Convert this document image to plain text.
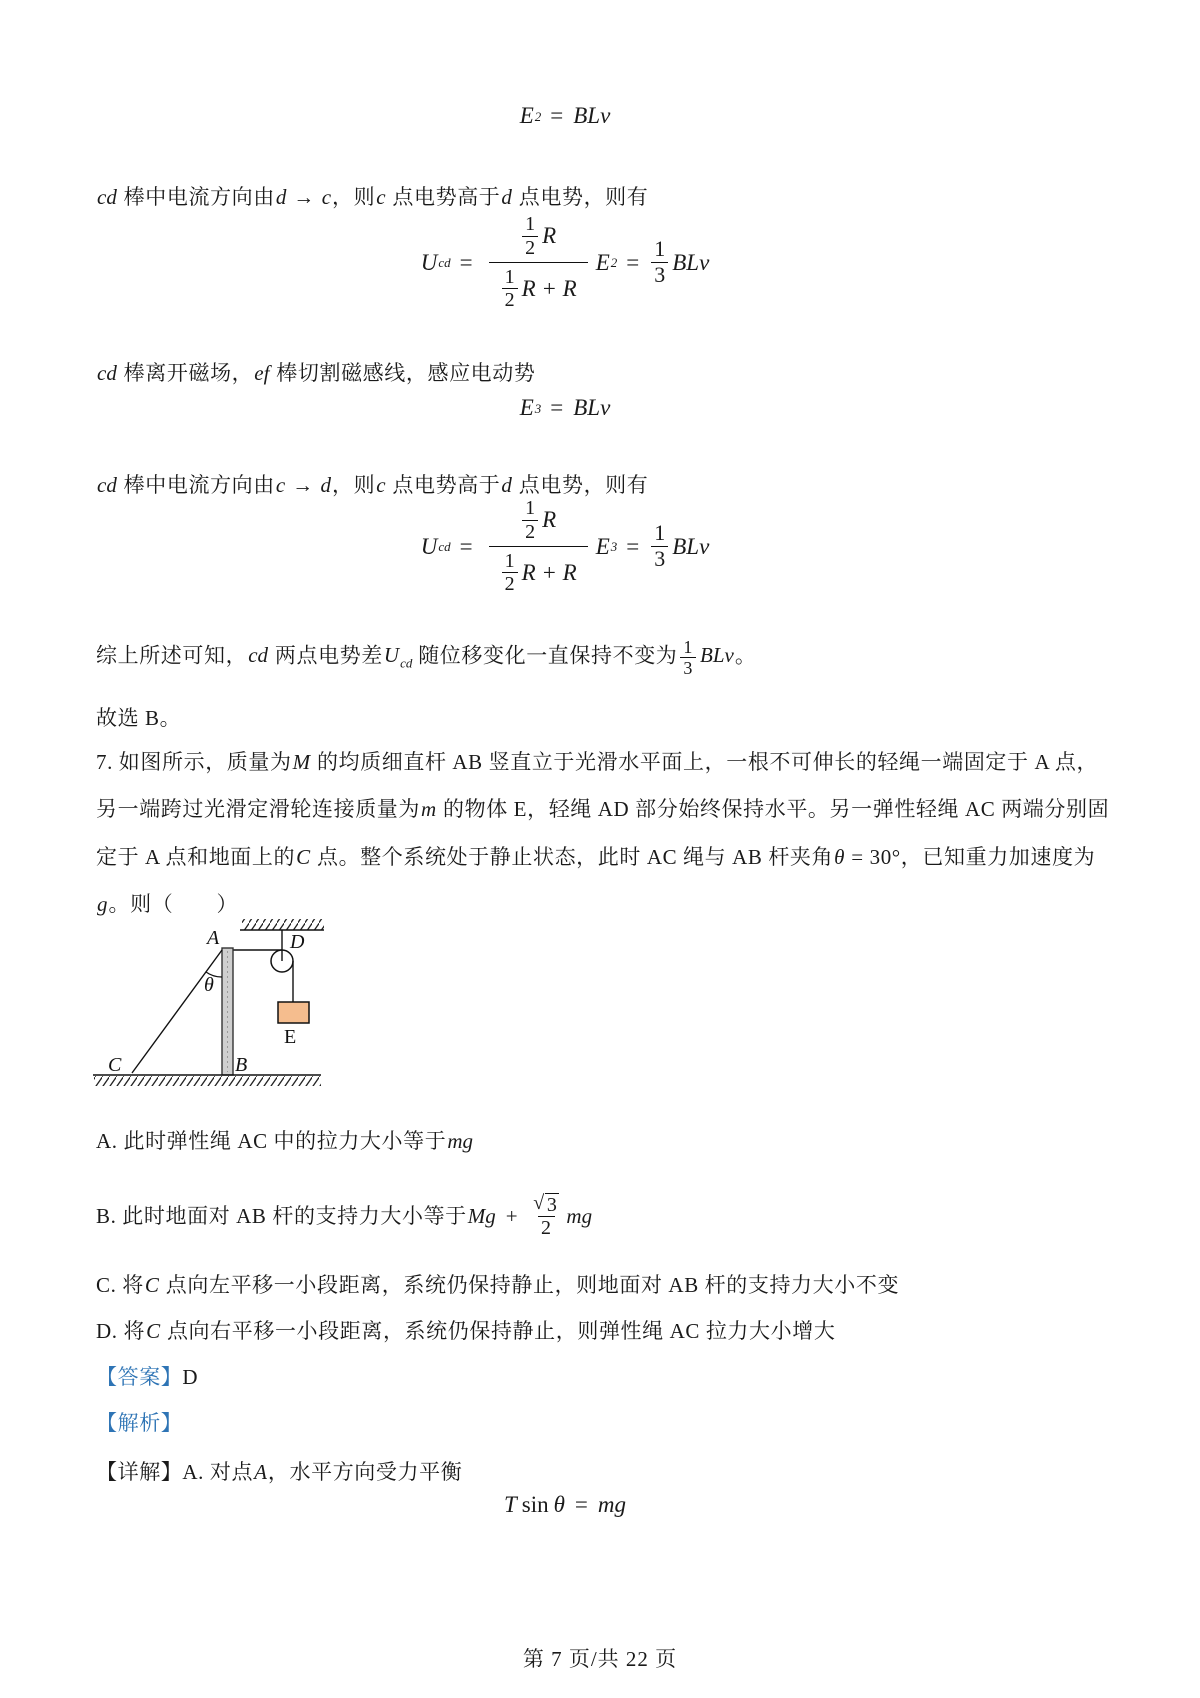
E 2 = BLv

cd 棒中电流方向由d → c，则c 点电势高于d 点电势，则有

U cd = 1
2 R
1
2 R + R E $2 = \frac{1}{3}$ BLv

cd 棒离开磁场，ef 棒切割磁感线，感应电动势

E 3 = BLv

cd 棒中电流方向由c → d，则c 点电势高于d 点电势，则有

U cd = 1
2 R
1
2 R + R E $3 = \frac{1}{3}$ BLv

综上所述可知，cd 两点电势差$U_{cd}$ 随位移变化一直保持不变为 $\frac{1}{3}$ BLv。

故选 B。

7. 如图所示，质量为M 的均质细直杆 AB 竖直立于光滑水平面上，一根不可伸长的轻绳一端固定于 A 点，

另一端跨过光滑定滑轮连接质量为m 的物体 E，轻绳 AD 部分始终保持水平。另一弹性轻绳 AC 两端分别固

定于 A 点和地面上的C 点。整个系统处于静止状态，此时 AC 绳与 AB 杆夹角θ = 30°，已知重力加速度为

g。则（　　）

A	D
θ
E
C	B

A. 此时弹性绳 AC 中的拉力大小等于mg

B. 此时地面对 AB 杆的支持力大小等于 $Mg + \frac{√ 3}{2}$ mg

C. 将C 点向左平移一小段距离，系统仍保持静止，则地面对 AB 杆的支持力大小不变

D. 将C 点向右平移一小段距离，系统仍保持静止，则弹性绳 AC 拉力大小增大

【答案】D

【解析】

【详解】A. 对点A，水平方向受力平衡

T sin θ = mg
第 7 页/共 22 页
